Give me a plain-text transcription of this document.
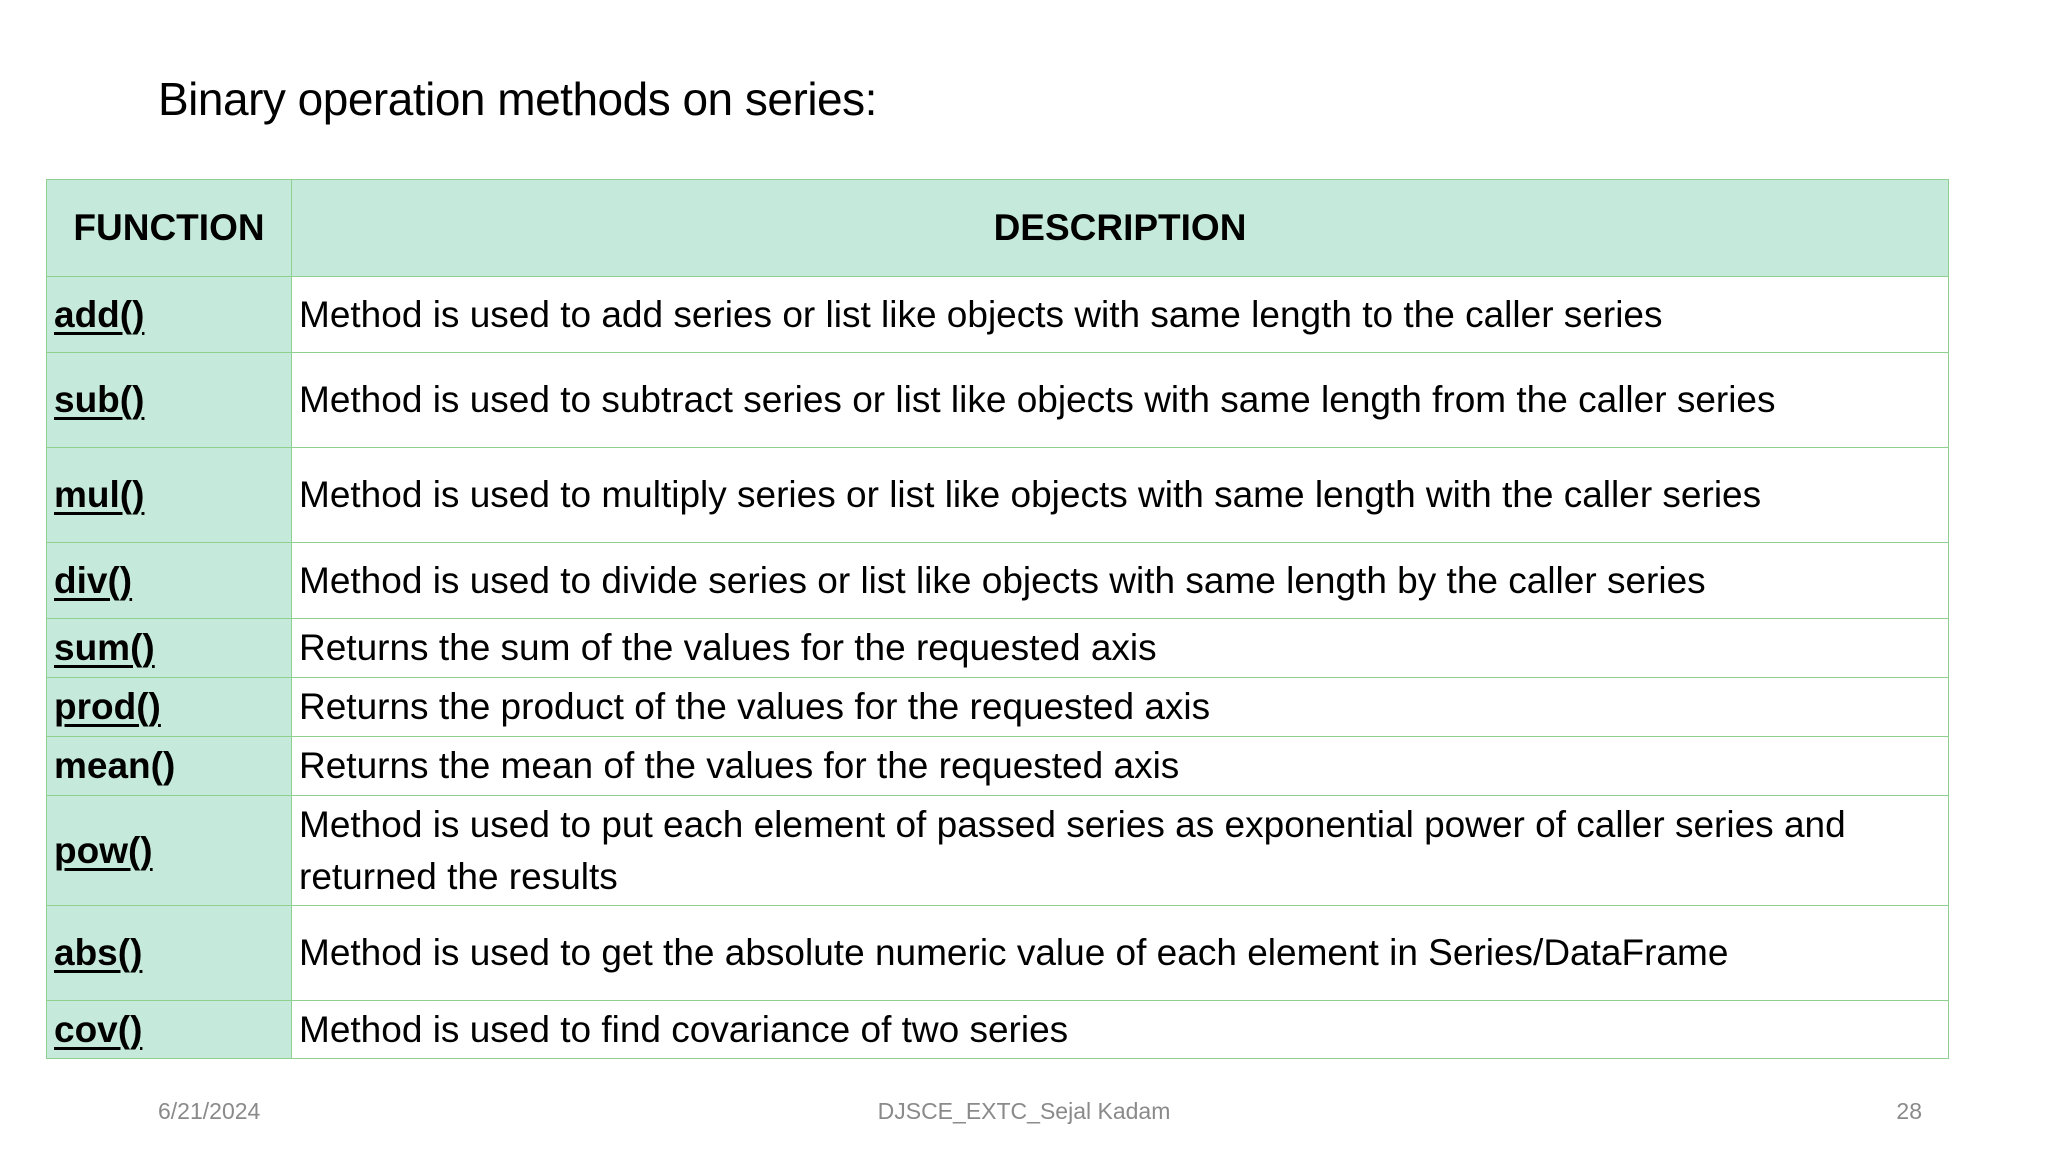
Binary operation methods on series:
FUNCTION	DESCRIPTION
add()	Method is used to add series or list like objects with same length to the caller series
sub()	Method is used to subtract series or list like objects with same length from the caller series
mul()	Method is used to multiply series or list like objects with same length with the caller series
div()	Method is used to divide series or list like objects with same length by the caller series
sum()	Returns the sum of the values for the requested axis
prod()	Returns the product of the values for the requested axis
mean()	Returns the mean of the values for the requested axis
pow()	Method is used to put each element of passed series as exponential power of caller series and returned the results
abs()	Method is used to get the absolute numeric value of each element in Series/DataFrame
cov()	Method is used to find covariance of two series
6/21/2024	DJSCE_EXTC_Sejal Kadam	28
